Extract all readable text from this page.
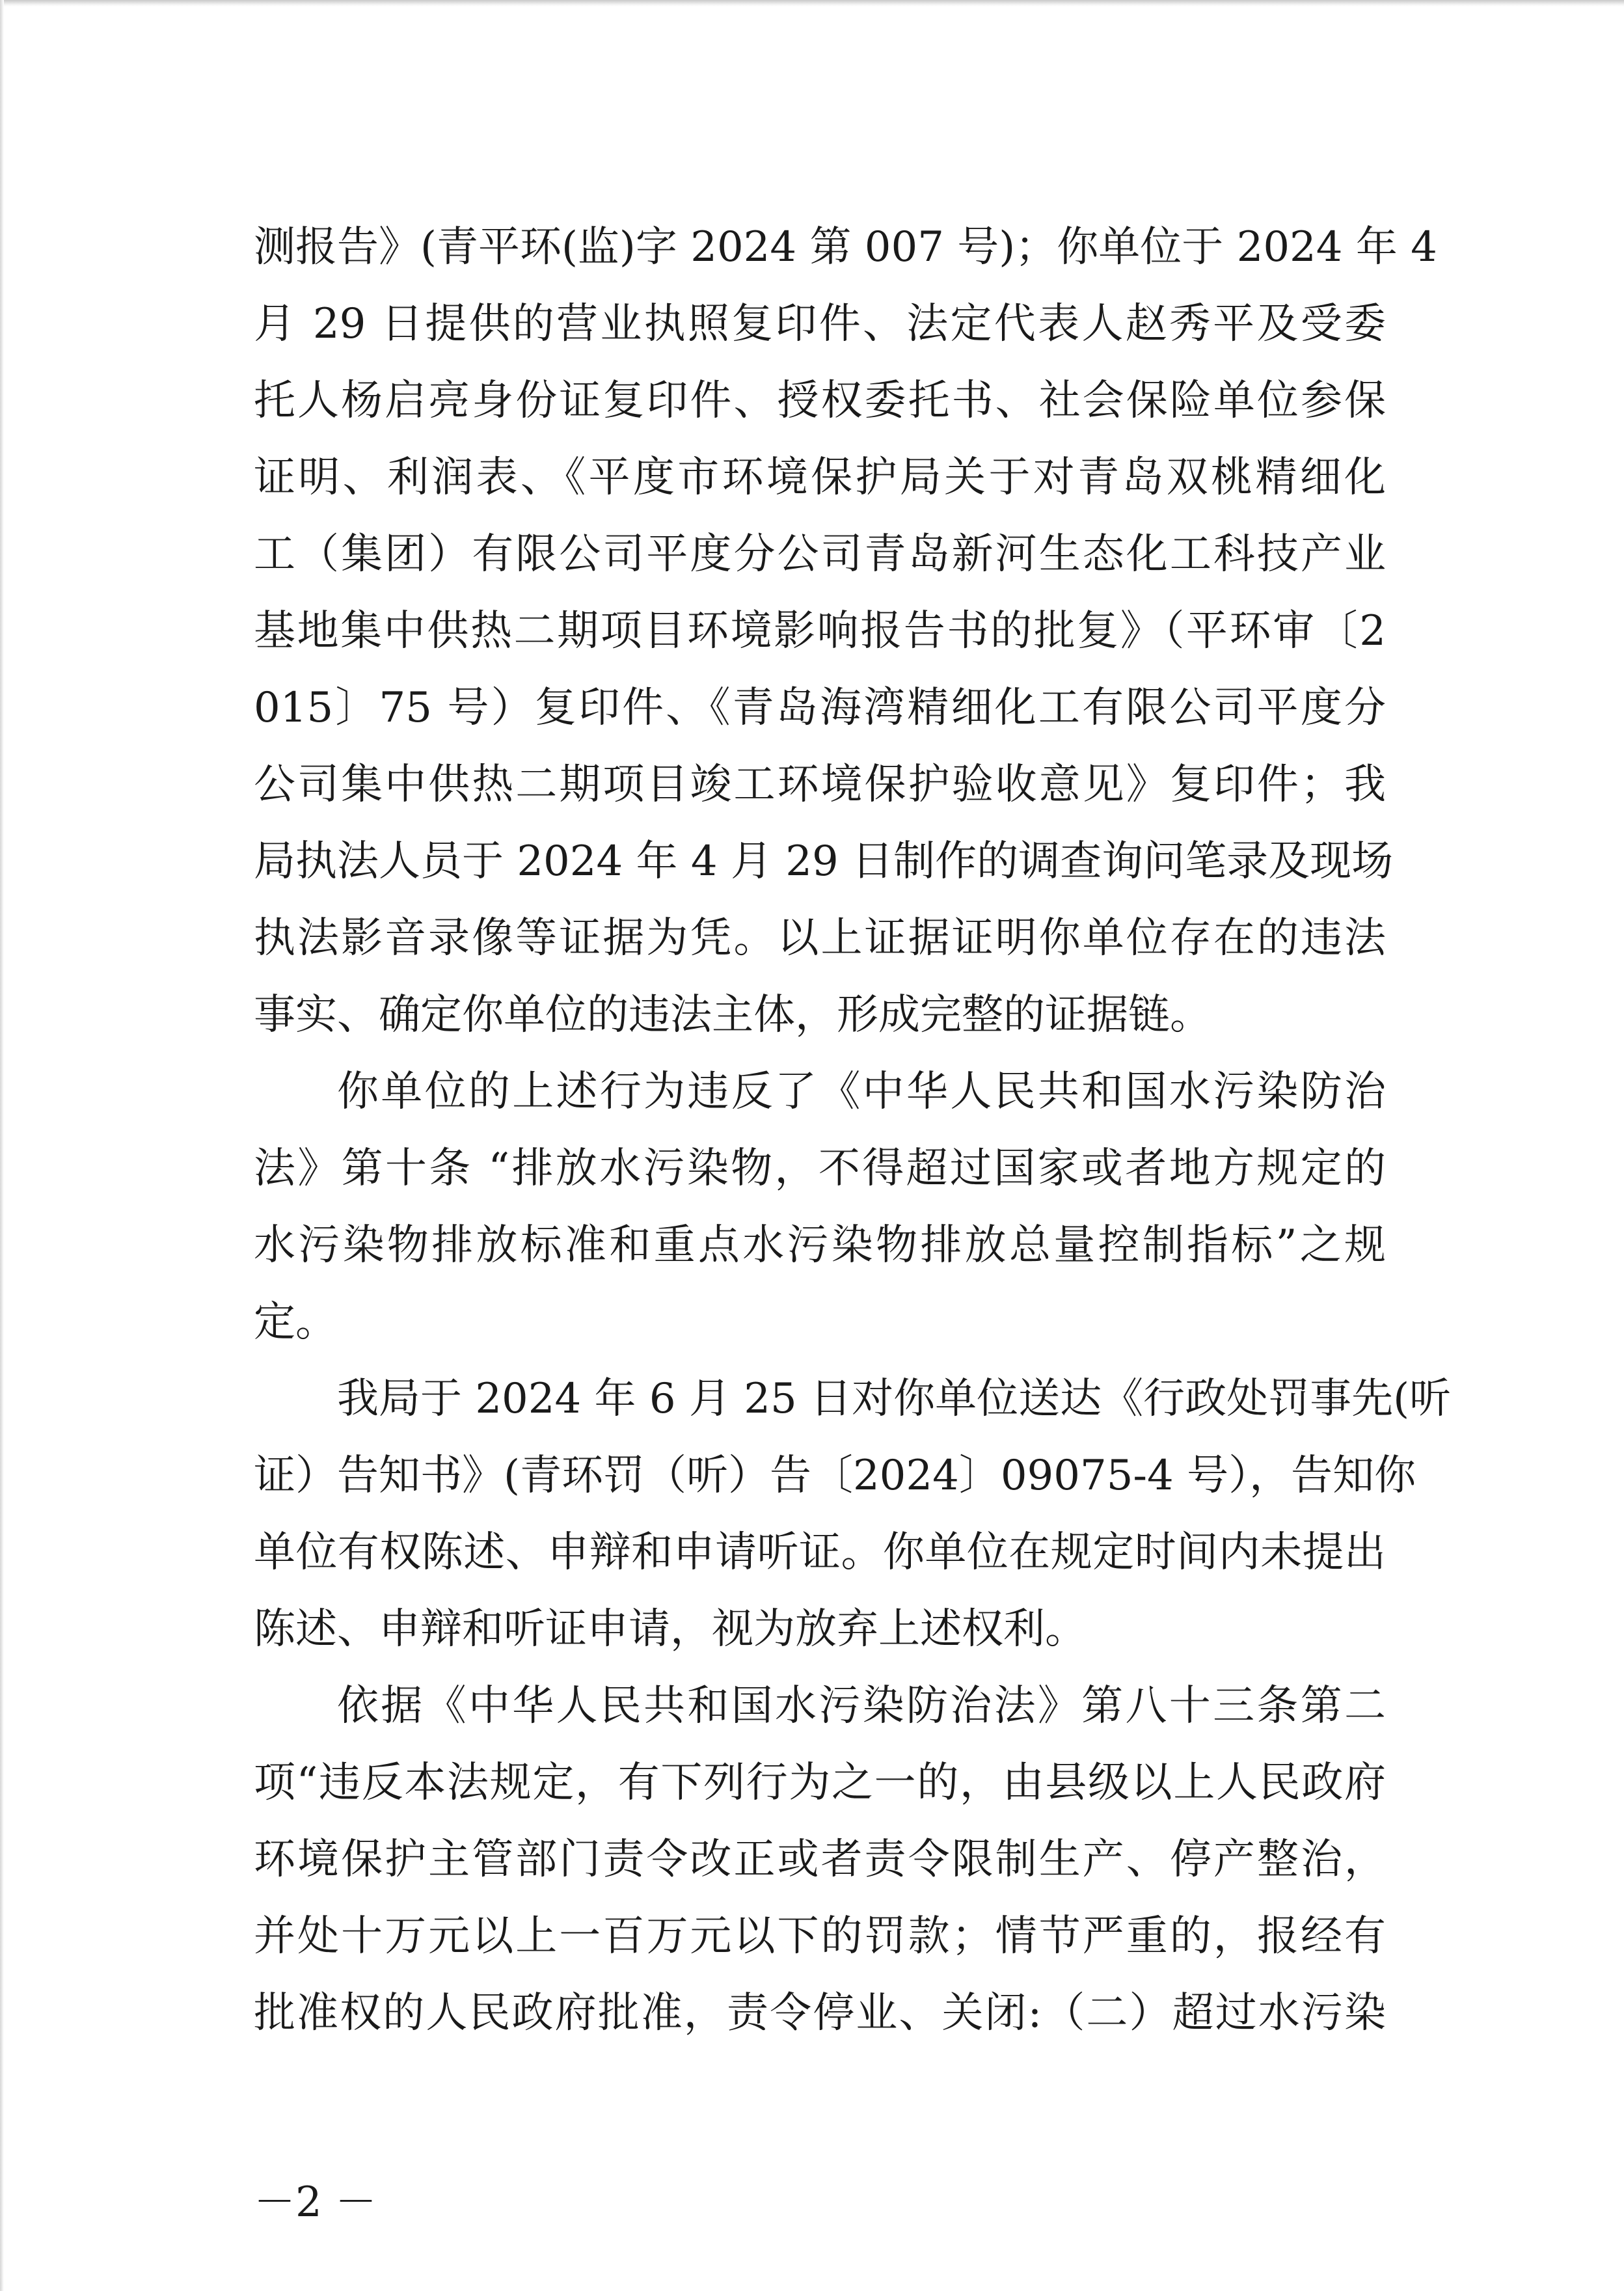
测报告》(青平环(监)字 2024 第 007 号)；你单位于 2024 年 4
月 29 日提供的营业执照复印件、法定代表人赵秀平及受委
托人杨启亮身份证复印件、授权委托书、社会保险单位参保
证明、利润表、《平度市环境保护局关于对青岛双桃精细化
工（集团）有限公司平度分公司青岛新河生态化工科技产业
基地集中供热二期项目环境影响报告书的批复》（平环审〔2
015〕75 号）复印件、《青岛海湾精细化工有限公司平度分
公司集中供热二期项目竣工环境保护验收意见》复印件；我
局执法人员于 2024 年 4 月 29 日制作的调查询问笔录及现场
执法影音录像等证据为凭。以上证据证明你单位存在的违法
事实、确定你单位的违法主体，形成完整的证据链。
你单位的上述行为违反了《中华人民共和国水污染防治
法》第十条 “排放水污染物，不得超过国家或者地方规定的
水污染物排放标准和重点水污染物排放总量控制指标”之规
定。
我局于 2024 年 6 月 25 日对你单位送达《行政处罚事先(听
证）告知书》(青环罚（听）告〔2024〕09075-4 号），告知你
单位有权陈述、申辩和申请听证。你单位在规定时间内未提出
陈述、申辩和听证申请，视为放弃上述权利。
依据《中华人民共和国水污染防治法》第八十三条第二
项“违反本法规定，有下列行为之一的，由县级以上人民政府
环境保护主管部门责令改正或者责令限制生产、停产整治，
并处十万元以上一百万元以下的罚款；情节严重的，报经有
批准权的人民政府批准，责令停业、关闭:（二）超过水污染
－2 －
